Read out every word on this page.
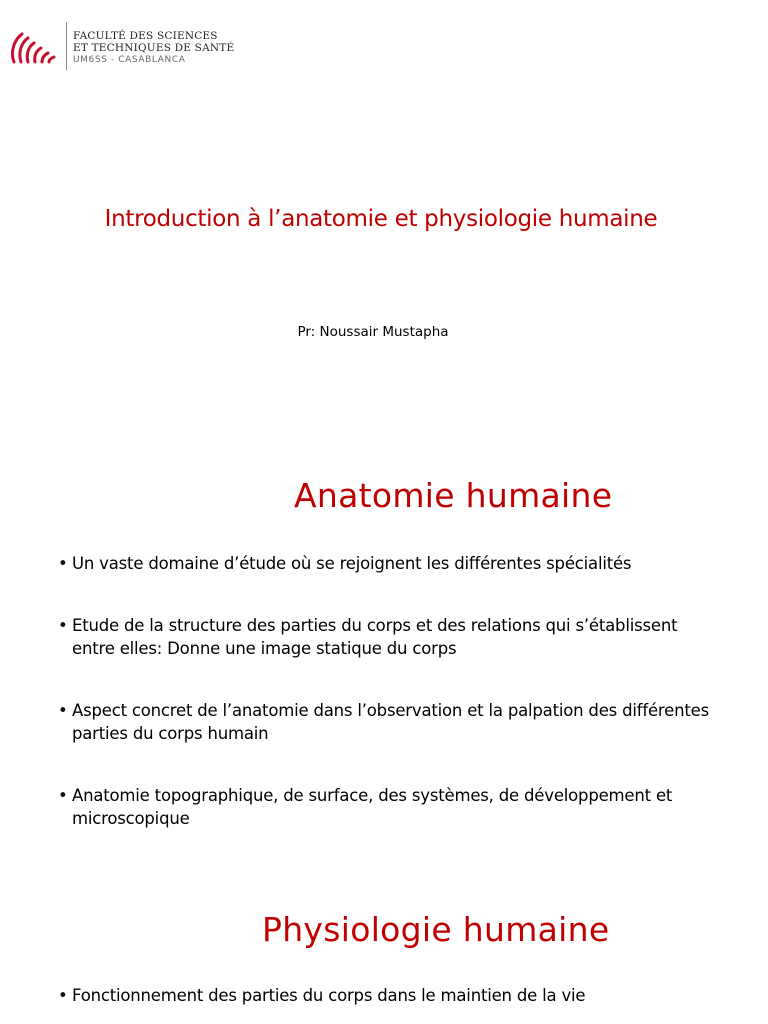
FACULTÉ DES SCIENCES
ET TECHNIQUES DE SANTÉ
UM6SS - CASABLANCA
Introduction à l’anatomie et physiologie humaine
Pr: Noussair Mustapha
Anatomie humaine
• Un vaste domaine d’étude où se rejoignent les différentes spécialités
• Etude de la structure des parties du corps et des relations qui s’établissent entre elles: Donne une image statique du corps
• Aspect concret de l’anatomie dans l’observation et la palpation des différentes parties du corps humain
• Anatomie topographique, de surface, des systèmes, de développement et microscopique
Physiologie humaine
• Fonctionnement des parties du corps dans le maintien de la vie
